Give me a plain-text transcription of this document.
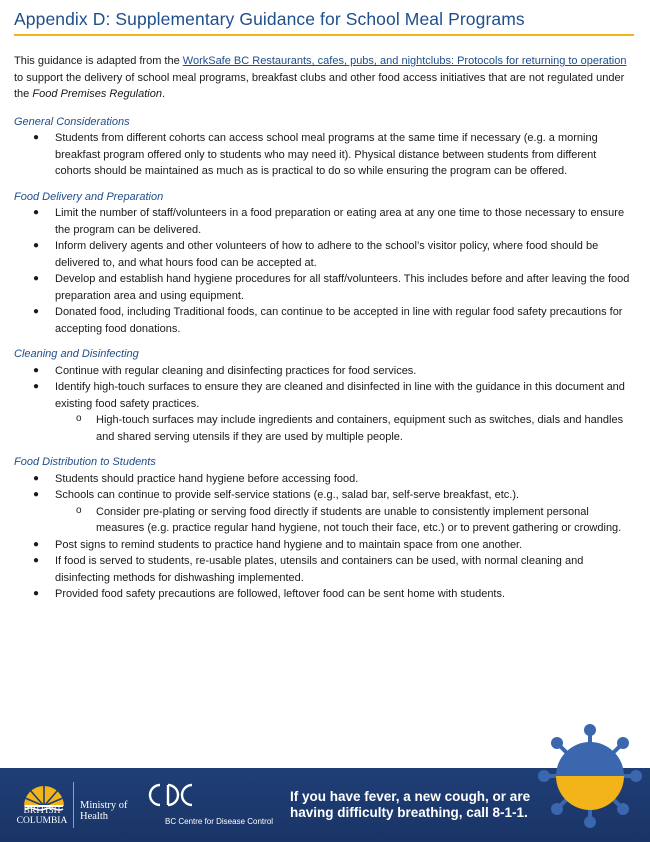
Appendix D: Supplementary Guidance for School Meal Programs

This guidance is adapted from the WorkSafe BC Restaurants, cafes, pubs, and nightclubs: Protocols for returning to operation to support the delivery of school meal programs, breakfast clubs and other food access initiatives that are not regulated under the Food Premises Regulation.

General Considerations
● Students from different cohorts can access school meal programs at the same time if necessary (e.g. a morning breakfast program offered only to students who may need it). Physical distance between students from different cohorts should be maintained as much as is practical to do so while ensuring the program can be offered.
Food Delivery and Preparation
● Limit the number of staff/volunteers in a food preparation or eating area at any one time to those necessary to ensure the program can be delivered.
● Inform delivery agents and other volunteers of how to adhere to the school’s visitor policy, where food should be delivered to, and what hours food can be accepted at.
● Develop and establish hand hygiene procedures for all staff/volunteers. This includes before and after leaving the food preparation area and using equipment.
● Donated food, including Traditional foods, can continue to be accepted in line with regular food safety precautions for accepting food donations.
Cleaning and Disinfecting
● Continue with regular cleaning and disinfecting practices for food services.
● Identify high-touch surfaces to ensure they are cleaned and disinfected in line with the guidance in this document and existing food safety practices.
o High-touch surfaces may include ingredients and containers, equipment such as switches, dials and handles and shared serving utensils if they are used by multiple people.
Food Distribution to Students
● Students should practice hand hygiene before accessing food.
● Schools can continue to provide self-service stations (e.g., salad bar, self-serve breakfast, etc.).
o Consider pre-plating or serving food directly if students are unable to consistently implement personal measures (e.g. practice regular hand hygiene, not touch their face, etc.) or to prevent gathering or crowding.
● Post signs to remind students to practice hand hygiene and to maintain space from one another.
● If food is served to students, re-usable plates, utensils and containers can be used, with normal cleaning and disinfecting methods for dishwashing implemented.
● Provided food safety precautions are followed, leftover food can be sent home with students.
BRITISH
COLUMBIA
Ministry of
Health	BC Centre for Disease Control
If you have fever, a new cough, or are
having difficulty breathing, call 8-1-1.
